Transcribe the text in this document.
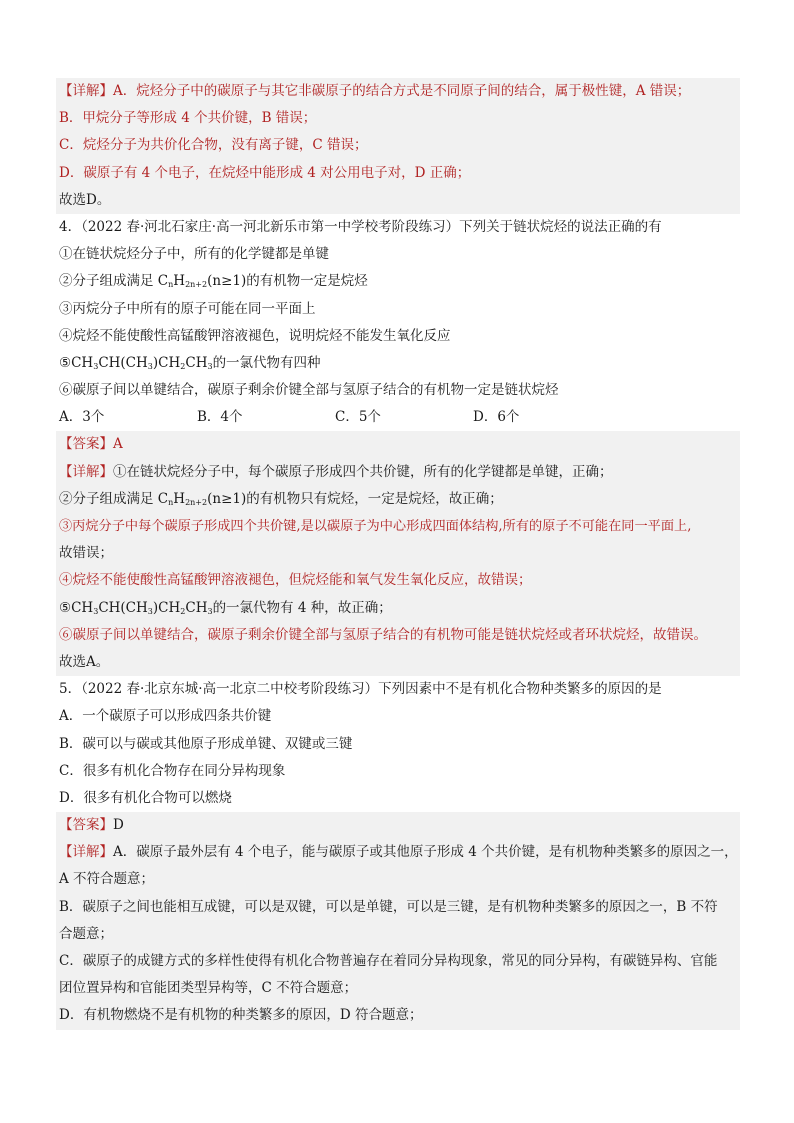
【详解】A．烷烃分子中的碳原子与其它非碳原子的结合方式是不同原子间的结合，属于极性键，A 错误；
B．甲烷分子等形成 4 个共价键，B 错误；
C．烷烃分子为共价化合物，没有离子键，C 错误；
D．碳原子有 4 个电子，在烷烃中能形成 4 对公用电子对，D 正确；
故选D。
4．（2022 春·河北石家庄·高一河北新乐市第一中学校考阶段练习）下列关于链状烷烃的说法正确的有
①在链状烷烃分子中，所有的化学键都是单键
②分子组成满足 $C_nH_{2n+2}(n\ge 1)$的有机物一定是烷烃
③丙烷分子中所有的原子可能在同一平面上
④烷烃不能使酸性高锰酸钾溶液褪色，说明烷烃不能发生氧化反应
$⑤CH_3CH(CH_3)CH_2CH_3$的一氯代物有四种
⑥碳原子间以单键结合，碳原子剩余价键全部与氢原子结合的有机物一定是链状烷烃
A．3个	B．4个	C．5个	D．6个
【答案】A
【详解】①在链状烷烃分子中，每个碳原子形成四个共价键，所有的化学键都是单键，正确；
②分子组成满足 $C_nH_{2n+2}(n\ge 1)$的有机物只有烷烃，一定是烷烃，故正确；
③丙烷分子中每个碳原子形成四个共价键,是以碳原子为中心形成四面体结构,所有的原子不可能在同一平面上,
故错误；
④烷烃不能使酸性高锰酸钾溶液褪色，但烷烃能和氧气发生氧化反应，故错误；
$⑤CH_3CH(CH_3)CH_2CH_3$的一氯代物有 4 种，故正确；
⑥碳原子间以单键结合，碳原子剩余价键全部与氢原子结合的有机物可能是链状烷烃或者环状烷烃，故错误。
故选A。
5．（2022 春·北京东城·高一北京二中校考阶段练习）下列因素中不是有机化合物种类繁多的原因的是
A．一个碳原子可以形成四条共价键
B．碳可以与碳或其他原子形成单键、双键或三键
C．很多有机化合物存在同分异构现象
D．很多有机化合物可以燃烧
【答案】D
【详解】A．碳原子最外层有 4 个电子，能与碳原子或其他原子形成 4 个共价键，是有机物种类繁多的原因之一，
A 不符合题意；
B．碳原子之间也能相互成键，可以是双键，可以是单键，可以是三键，是有机物种类繁多的原因之一，B 不符
合题意；
C．碳原子的成键方式的多样性使得有机化合物普遍存在着同分异构现象，常见的同分异构，有碳链异构、官能
团位置异构和官能团类型异构等，C 不符合题意；
D．有机物燃烧不是有机物的种类繁多的原因，D 符合题意；
